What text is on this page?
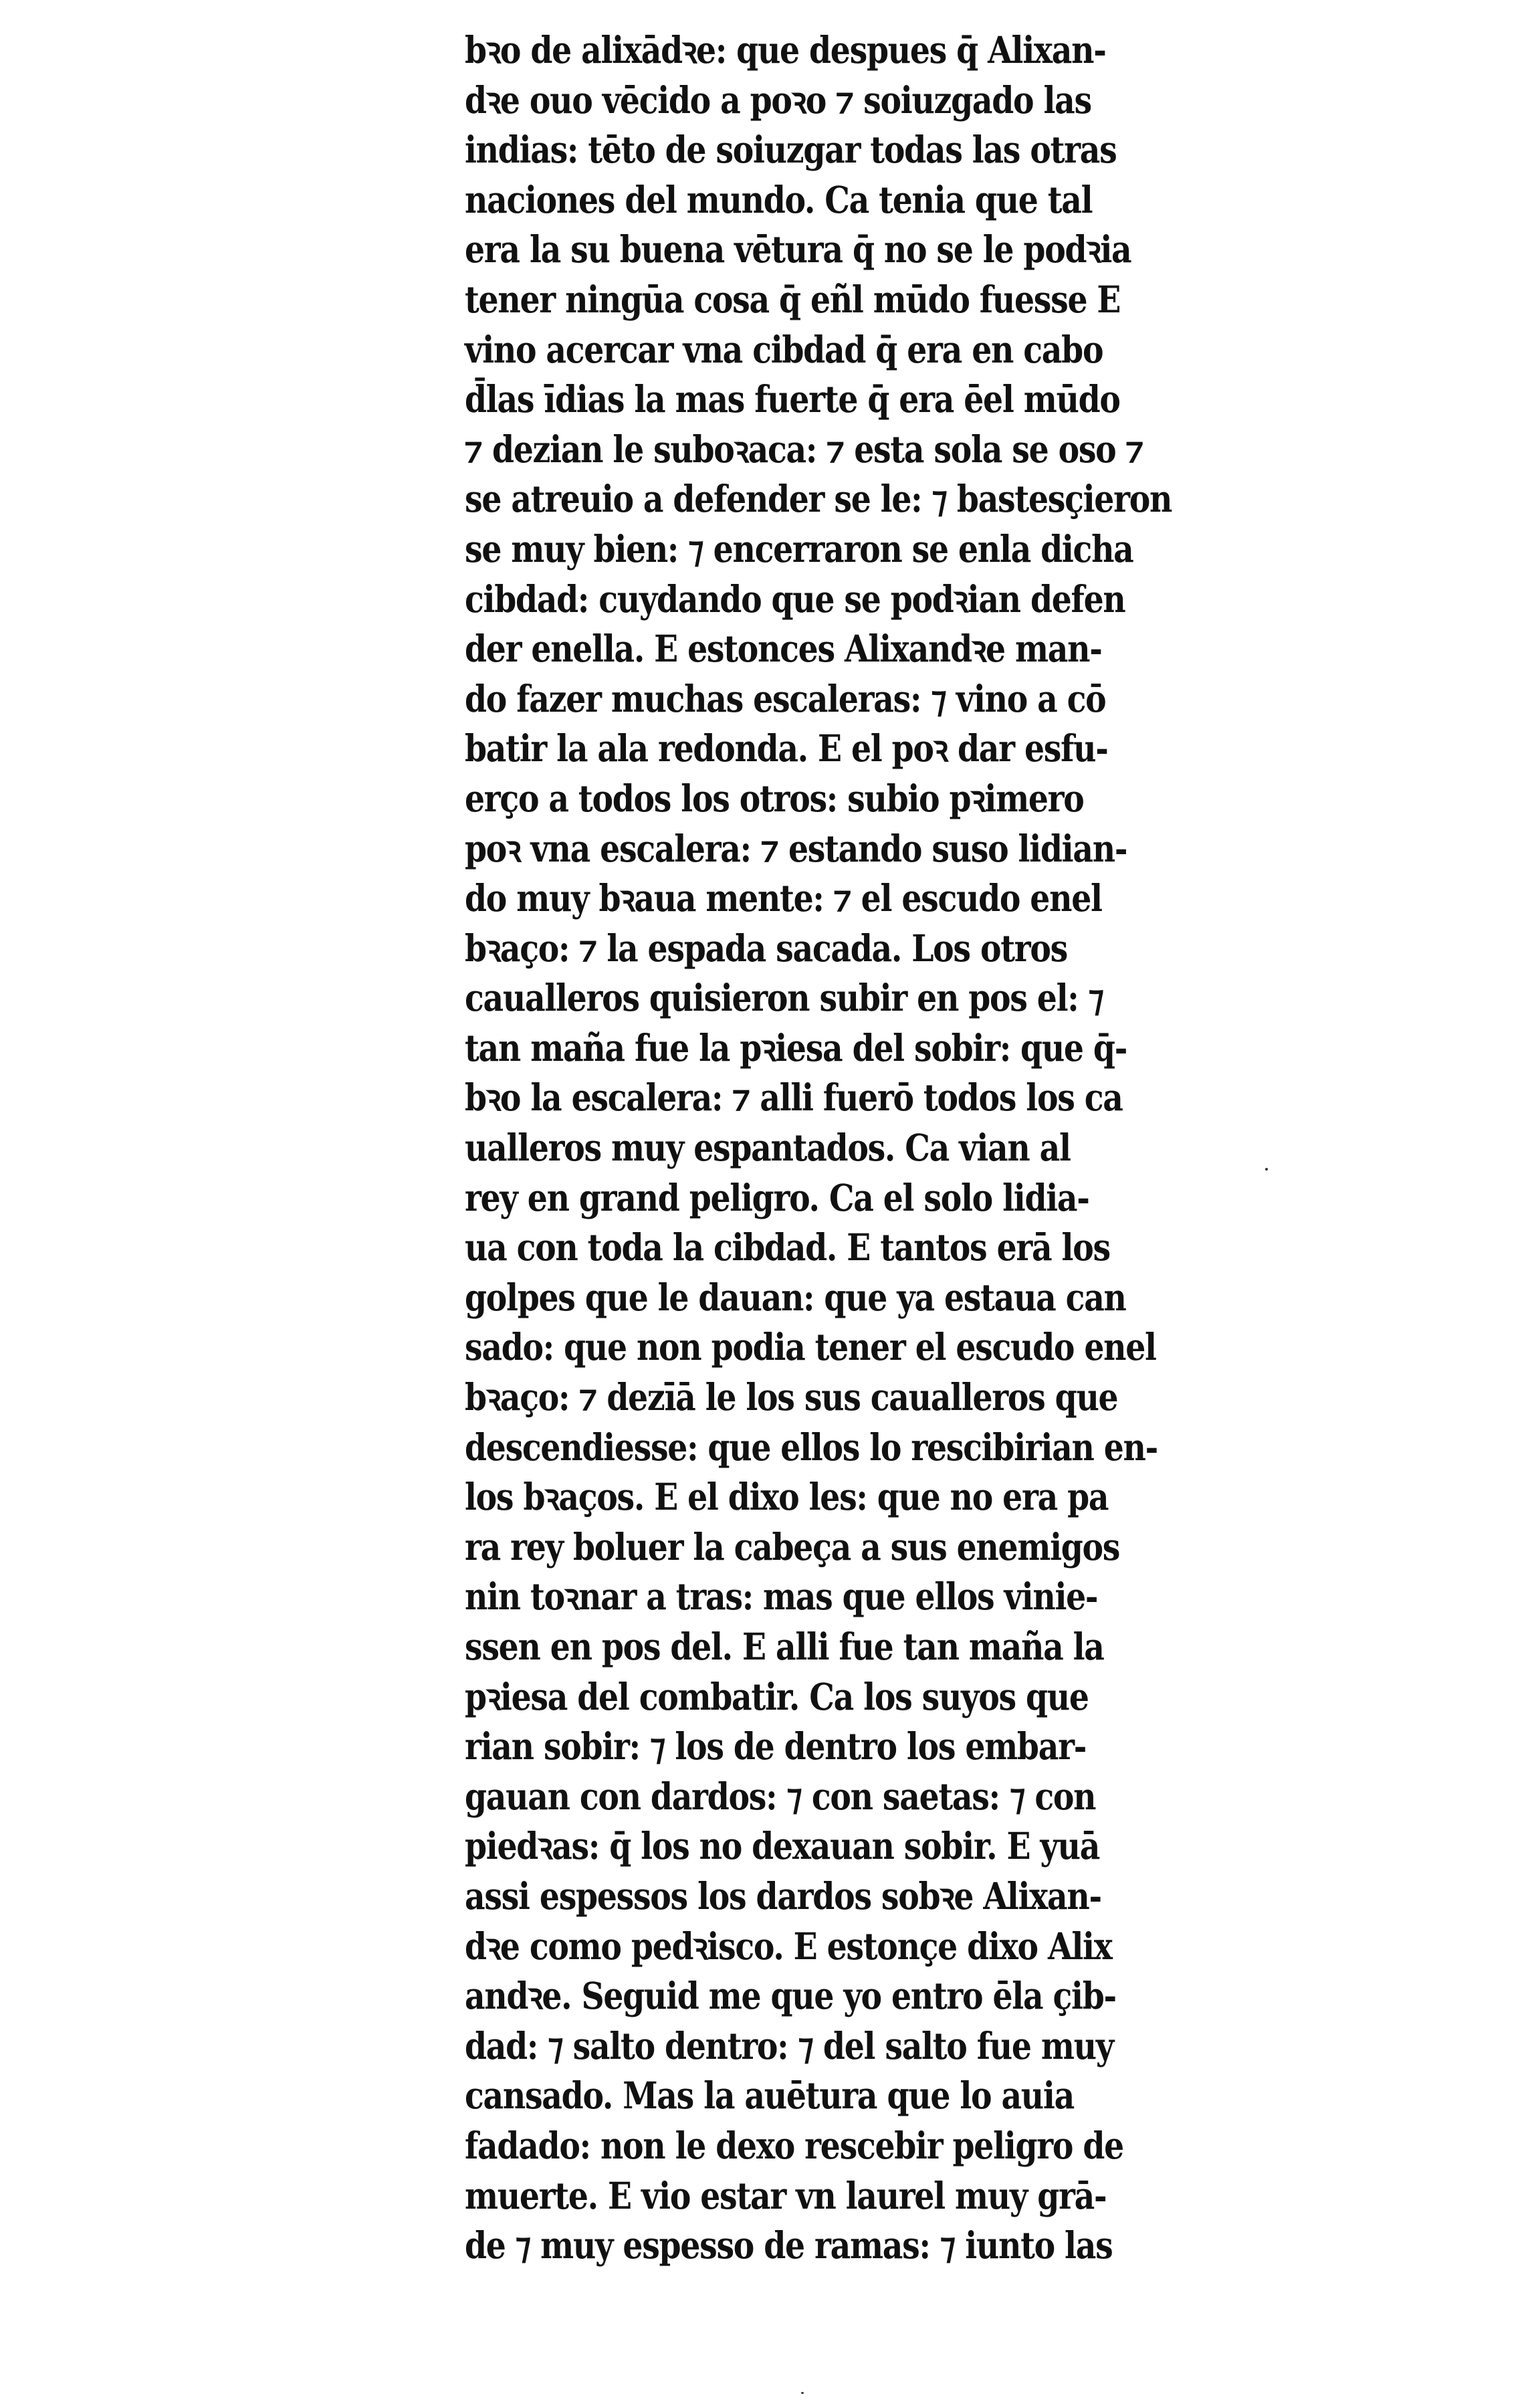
bꝛo de alixādꝛe: que despues q̄ Alixan-
dꝛe ouo vēcido a poꝛo ⁊ soiuzgado las
indias: tēto de soiuzgar todas las otras
naciones del mundo. Ca tenia que tal
era la su buena vētura q̄ no se le podꝛia
tener ningūa cosa q̄ eñl mūdo fuesse E
vino acercar vna cibdad q̄ era en cabo
d̄las īdias la mas fuerte q̄ era ēel mūdo
⁊ dezian le suboꝛaca: ⁊ esta sola se oso ⁊
se atreuio a defender se le: ⁊ bastesçieron
se muy bien: ⁊ encerraron se enla dicha
cibdad: cuydando que se podꝛian defen
der enella. E estonces Alixandꝛe man-
do fazer muchas escaleras: ⁊ vino a cō
batir la ala redonda. E el poꝛ dar esfu-
erço a todos los otros: subio pꝛimero
poꝛ vna escalera: ⁊ estando suso lidian-
do muy bꝛaua mente: ⁊ el escudo enel
bꝛaço: ⁊ la espada sacada. Los otros
caualleros quisieron subir en pos el: ⁊
tan maña fue la pꝛiesa del sobir: que q̄-
bꝛo la escalera: ⁊ alli fuerō todos los ca
ualleros muy espantados. Ca vian al
rey en grand peligro. Ca el solo lidia-
ua con toda la cibdad. E tantos erā los
golpes que le dauan: que ya estaua can
sado: que non podia tener el escudo enel
bꝛaço: ⁊ dezīā le los sus caualleros que
descendiesse: que ellos lo rescibirian en-
los bꝛaços. E el dixo les: que no era pa
ra rey boluer la cabeça a sus enemigos
nin toꝛnar a tras: mas que ellos vinie-
ssen en pos del. E alli fue tan maña la
pꝛiesa del combatir. Ca los suyos que
rian sobir: ⁊ los de dentro los embar-
gauan con dardos: ⁊ con saetas: ⁊ con
piedꝛas: q̄ los no dexauan sobir. E yuā
assi espessos los dardos sobꝛe Alixan-
dꝛe como pedꝛisco. E estonçe dixo Alix
andꝛe. Seguid me que yo entro ēla çib-
dad: ⁊ salto dentro: ⁊ del salto fue muy
cansado. Mas la auētura que lo auia
fadado: non le dexo rescebir peligro de
muerte. E vio estar vn laurel muy grā-
de ⁊ muy espesso de ramas: ⁊ iunto las
